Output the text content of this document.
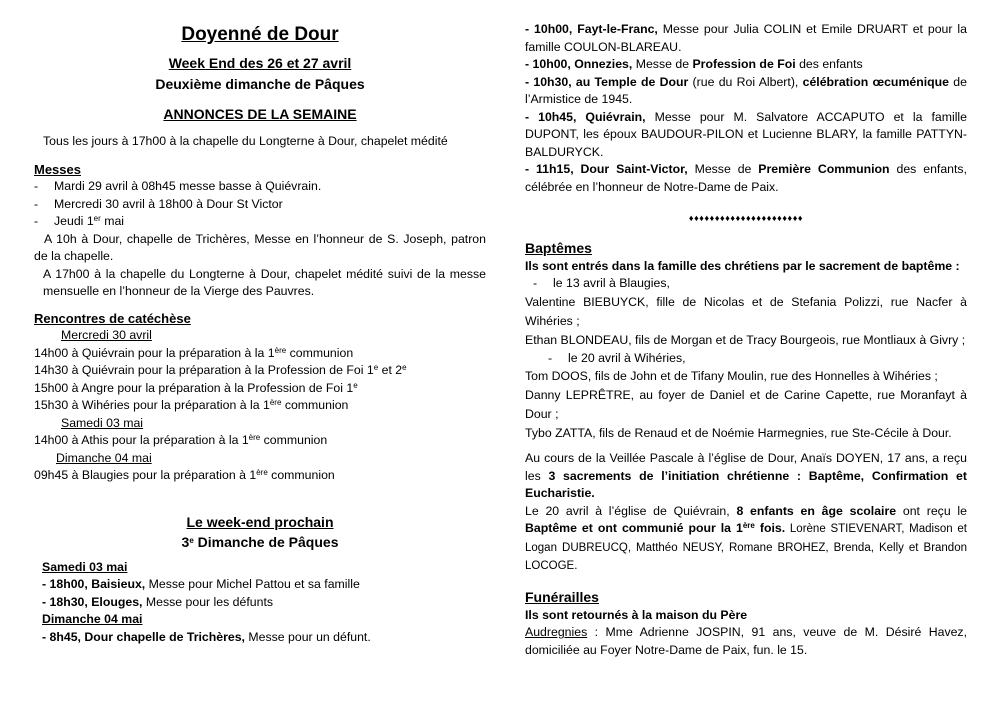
Doyenné de Dour

Week End des 26 et 27 avril

Deuxième dimanche de Pâques

ANNONCES DE LA SEMAINE

Tous les jours à 17h00 à la chapelle du Longterne à Dour, chapelet médité

Messes

-	Mardi 29 avril à 08h45 messe basse à Quiévrain.
-	Mercredi 30 avril à 18h00 à Dour St Victor
-	Jeudi 1er mai

A 10h à Dour, chapelle de Trichères, Messe en l’honneur de S. Joseph, patron de la chapelle.

A 17h00 à la chapelle du Longterne à Dour, chapelet médité suivi de la messe mensuelle en l’honneur de la Vierge des Pauvres.

Rencontres de catéchèse

Mercredi 30 avril

14h00 à Quiévrain pour la préparation à la 1ère communion

14h30 à Quiévrain pour la préparation à la Profession de Foi 1e et 2e

15h00 à Angre pour la préparation à la Profession de Foi 1e

15h30 à Wihéries pour la préparation à la 1ère communion

Samedi 03 mai

14h00 à Athis pour la préparation à la 1ère communion

Dimanche 04 mai

09h45 à Blaugies pour la préparation à 1ère communion

Le week-end prochain

3e Dimanche de Pâques

Samedi 03 mai

- 18h00, Baisieux, Messe pour Michel Pattou et sa famille

- 18h30, Elouges, Messe pour les défunts

Dimanche 04 mai

- 8h45, Dour chapelle de Trichères, Messe pour un défunt.

- 10h00, Fayt-le-Franc, Messe pour Julia COLIN et Emile DRUART et pour la famille COULON-BLAREAU.

- 10h00, Onnezies, Messe de Profession de Foi des enfants

- 10h30, au Temple de Dour (rue du Roi Albert), célébration œcuménique de l’Armistice de 1945.

- 10h45, Quiévrain, Messe pour M. Salvatore ACCAPUTO et la famille DUPONT, les époux BAUDOUR-PILON et Lucienne BLARY, la famille PATTYN-BALDURYCK.

- 11h15, Dour Saint-Victor, Messe de Première Communion des enfants, célébrée en l’honneur de Notre-Dame de Paix.

♦♦♦♦♦♦♦♦♦♦♦♦♦♦♦♦♦♦♦♦♦♦

Baptêmes

Ils sont entrés dans la famille des chrétiens par le sacrement de baptême :

-	le 13 avril à Blaugies,

Valentine BIEBUYCK, fille de Nicolas et de Stefania Polizzi, rue Nacfer à Wihéries ;

Ethan BLONDEAU, fils de Morgan et de Tracy Bourgeois, rue Montliaux à Givry ;

-	le 20 avril à Wihéries,

Tom DOOS, fils de John et de Tifany Moulin, rue des Honnelles à Wihéries ;

Danny LEPRÊTRE, au foyer de Daniel et de Carine Capette, rue Moranfayt à Dour ;

Tybo ZATTA, fils de Renaud et de Noémie Harmegnies, rue Ste-Cécile à Dour.

Au cours de la Veillée Pascale à l’église de Dour, Anaïs DOYEN, 17 ans, a reçu les 3 sacrements de l’initiation chrétienne : Baptême, Confirmation et Eucharistie.

Le 20 avril à l’église de Quiévrain, 8 enfants en âge scolaire ont reçu le Baptême et ont communié pour la 1ère fois. Lorène STIEVENART, Madison et Logan DUBREUCQ, Matthéo NEUSY, Romane BROHEZ, Brenda, Kelly et Brandon LOCOGE.

Funérailles

Ils sont retournés à la maison du Père

Audregnies : Mme Adrienne JOSPIN, 91 ans, veuve de M. Désiré Havez, domiciliée au Foyer Notre-Dame de Paix, fun. le 15.
